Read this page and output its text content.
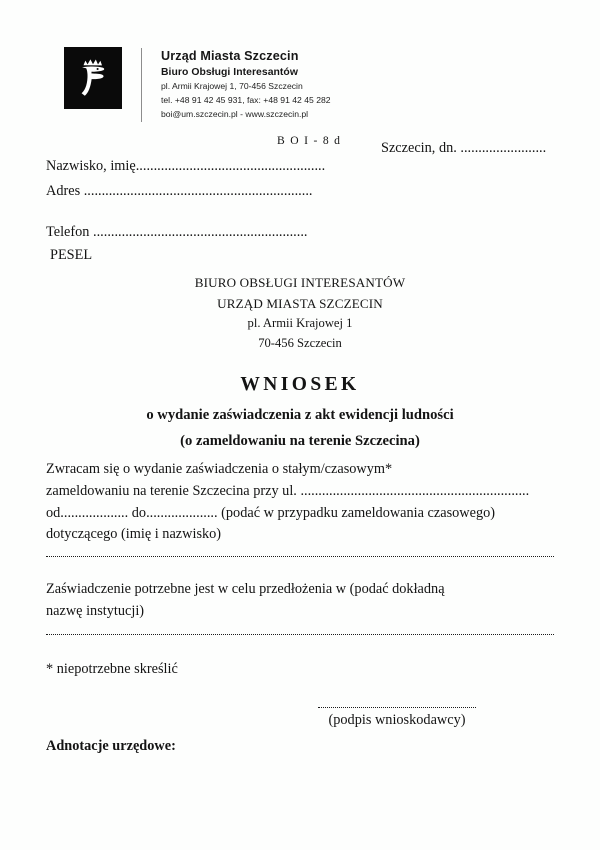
Urząd Miasta Szczecin
Biuro Obsługi Interesantów
pl. Armii Krajowej 1, 70-456 Szczecin
tel. +48 91 42 45 931, fax: +48 91 42 45 282
boi@um.szczecin.pl - www.szczecin.pl
B O I - 8 d	Szczecin, dn. ........................
Nazwisko, imię.....................................................
Adres ................................................................
Telefon ............................................................
PESEL
BIURO OBSŁUGI INTERESANTÓW
URZĄD MIASTA SZCZECIN
pl. Armii Krajowej 1
70-456 Szczecin
WNIOSEK
o wydanie zaświadczenia z akt ewidencji ludności
(o zameldowaniu na terenie Szczecina)
Zwracam się o wydanie zaświadczenia o stałym/czasowym*
zameldowaniu na terenie Szczecina przy ul. ................................................................
od................... do.................... (podać w przypadku zameldowania czasowego)
dotyczącego (imię i nazwisko)
Zaświadczenie potrzebne jest w celu przedłożenia w (podać dokładną
nazwę instytucji)
* niepotrzebne skreślić
(podpis wnioskodawcy)
Adnotacje urzędowe:
